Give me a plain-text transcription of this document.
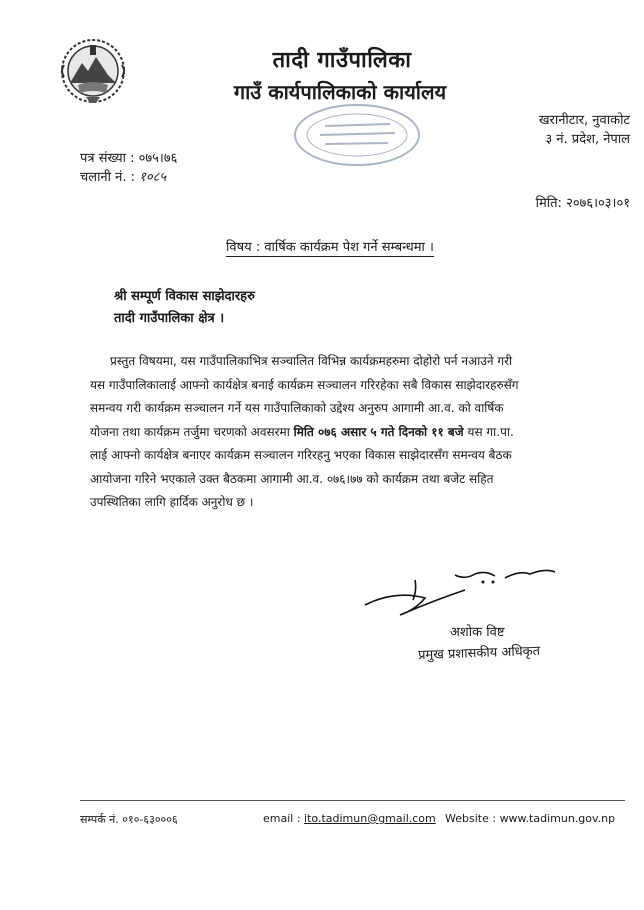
तादी गाउँपालिका
गाउँ कार्यपालिकाको कार्यालय
खरानीटार, नुवाकोट
३ नं. प्रदेश, नेपाल
पत्र संख्या : ०७५।७६
चलानी नं. : १०८५
मिति: २०७६।०३।०१
विषय : वार्षिक कार्यक्रम पेश गर्ने सम्बन्धमा ।
श्री सम्पूर्ण विकास साझेदारहरु
तादी गाउँपालिका क्षेत्र ।
प्रस्तुत विषयमा, यस गाउँपालिकाभित्र सञ्चालित विभिन्न कार्यक्रमहरुमा दोहोरो पर्न नआउने गरी
यस गाउँपालिकालाई आफ्नो कार्यक्षेत्र बनाई कार्यक्रम सञ्चालन गरिरहेका सबै विकास साझेदारहरुसँग
समन्वय गरी कार्यक्रम सञ्चालन गर्ने यस गाउँपालिकाको उद्देश्य अनुरुप आगामी आ.व. को वार्षिक
योजना तथा कार्यक्रम तर्जुमा चरणको अवसरमा मिति ०७६ असार ५ गते दिनको ११ बजे यस गा.पा.
लाई आफ्नो कार्यक्षेत्र बनाएर कार्यक्रम सञ्चालन गरिरहनु भएका विकास साझेदारसँग समन्वय बैठक
आयोजना गरिने भएकाले उक्त बैठकमा आगामी आ.व. ०७६।७७ को कार्यक्रम तथा बजेट सहित
उपस्थितिका लागि हार्दिक अनुरोध छ ।
अशोक विष्ट
प्रमुख प्रशासकीय अधिकृत
सम्पर्क नं. ०१०-६३०००६	email : ito.tadimun@gmail.com Website : www.tadimun.gov.np
